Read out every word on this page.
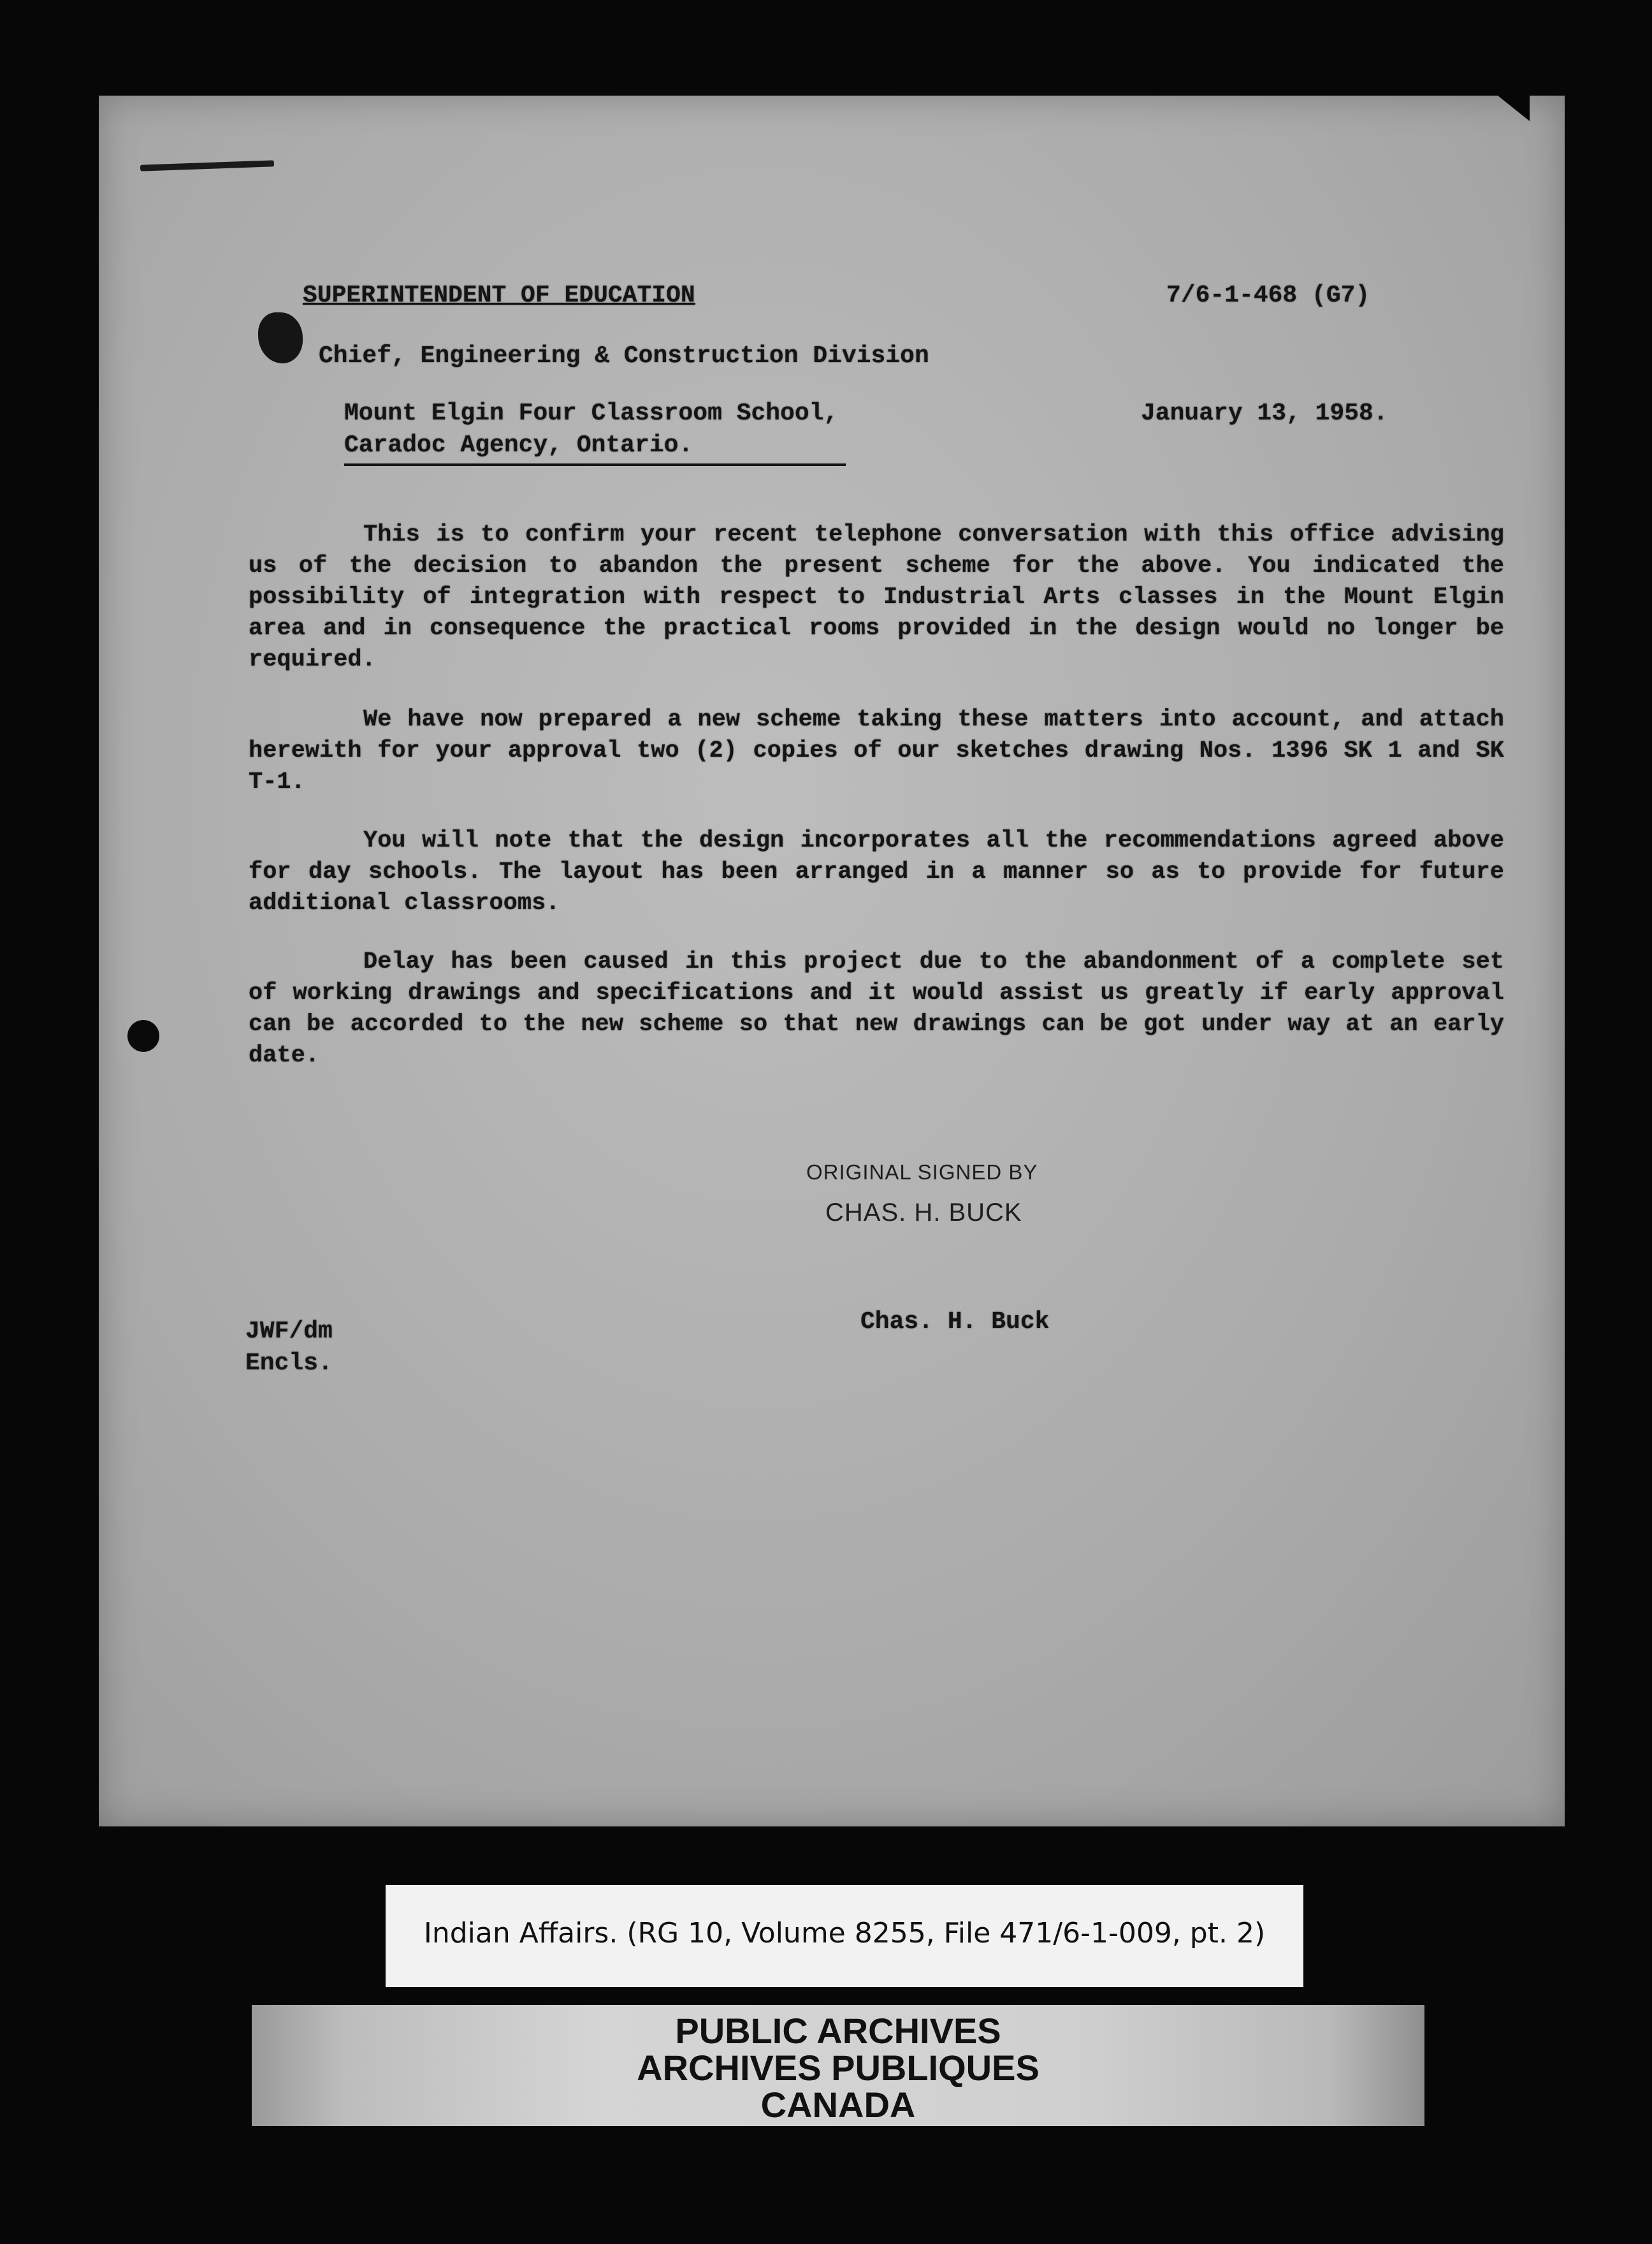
SUPERINTENDENT OF EDUCATION	7/6-1-468 (G7)
Chief, Engineering & Construction Division
Mount Elgin Four Classroom School,
Caradoc Agency, Ontario.
January 13, 1958.
This is to confirm your recent telephone conversation with this office advising us of the decision to abandon the present scheme for the above. You indicated the possibility of integration with respect to Industrial Arts classes in the Mount Elgin area and in consequence the practical rooms provided in the design would no longer be required.
We have now prepared a new scheme taking these matters into account, and attach herewith for your approval two (2) copies of our sketches drawing Nos. 1396 SK 1 and SK T-1.
You will note that the design incorporates all the recommendations agreed above for day schools. The layout has been arranged in a manner so as to provide for future additional classrooms.
Delay has been caused in this project due to the abandonment of a complete set of working drawings and specifications and it would assist us greatly if early approval can be accorded to the new scheme so that new drawings can be got under way at an early date.
ORIGINAL SIGNED BY
CHAS. H. BUCK
Chas. H. Buck
JWF/dm
Encls.
Indian Affairs. (RG 10, Volume 8255, File 471/6-1-009, pt. 2)
PUBLIC ARCHIVES
ARCHIVES PUBLIQUES
CANADA
